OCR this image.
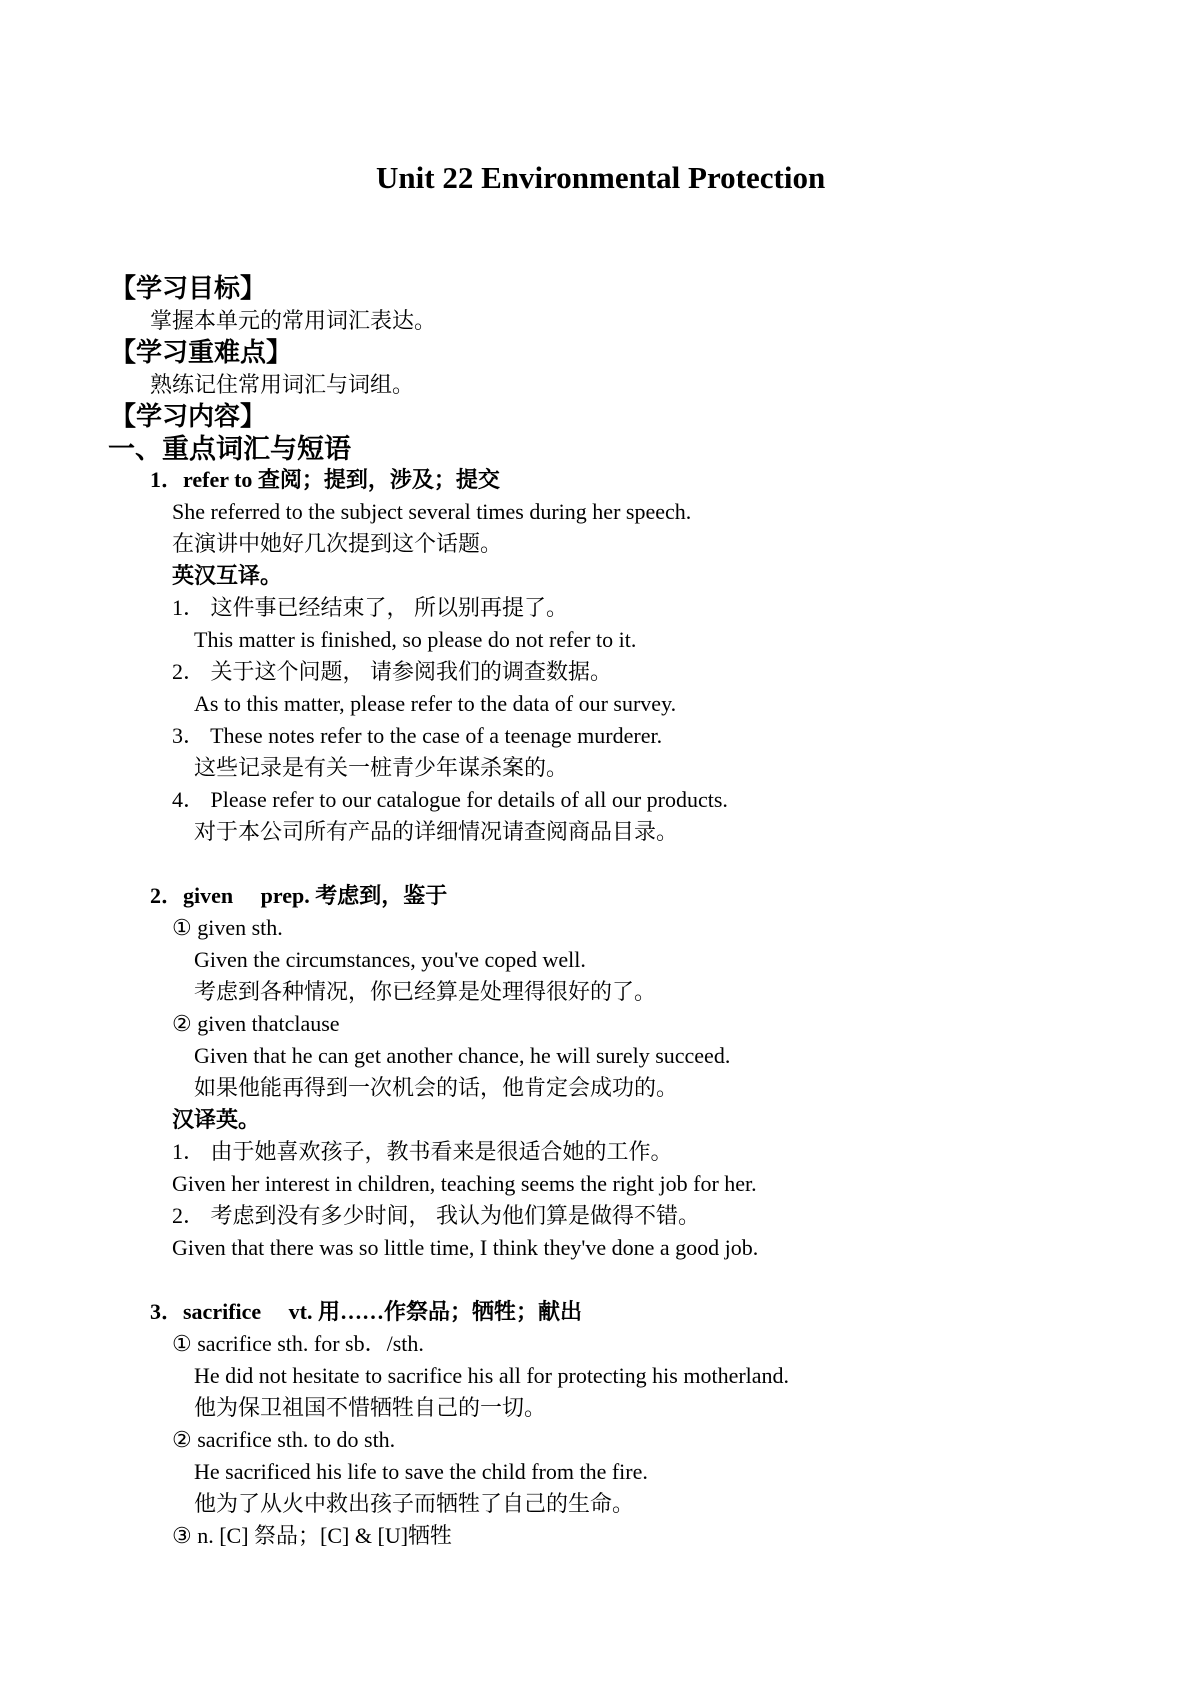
Unit 22 Environmental Protection
【学习目标】
掌握本单元的常用词汇表达。
【学习重难点】
熟练记住常用词汇与词组。
【学习内容】
一、重点词汇与短语
1．refer to 查阅；提到，涉及；提交
She referred to the subject several times during her speech.
在演讲中她好几次提到这个话题。
英汉互译。
1． 这件事已经结束了， 所以别再提了。
This matter is finished, so please do not refer to it.
2． 关于这个问题， 请参阅我们的调查数据。
As to this matter, please refer to the data of our survey.
3． These notes refer to the case of a teenage murderer.
这些记录是有关一桩青少年谋杀案的。
4． Please refer to our catalogue for details of all our products.
对于本公司所有产品的详细情况请查阅商品目录。
2．given     prep. 考虑到，鉴于
① given sth.
Given the circumstances, you've coped well.
考虑到各种情况，你已经算是处理得很好的了。
② given thatclause
Given that he can get another chance, he will surely succeed.
如果他能再得到一次机会的话，他肯定会成功的。
汉译英。
1． 由于她喜欢孩子，教书看来是很适合她的工作。
Given her interest in children, teaching seems the right job for her.
2． 考虑到没有多少时间， 我认为他们算是做得不错。
Given that there was so little time, I think they've done a good job.
3．sacrifice     vt. 用……作祭品；牺牲；献出
① sacrifice sth. for sb．/sth.
He did not hesitate to sacrifice his all for protecting his motherland.
他为保卫祖国不惜牺牲自己的一切。
② sacrifice sth. to do sth.
He sacrificed his life to save the child from the fire.
他为了从火中救出孩子而牺牲了自己的生命。
③ n. [C] 祭品；[C] & [U]牺牲
